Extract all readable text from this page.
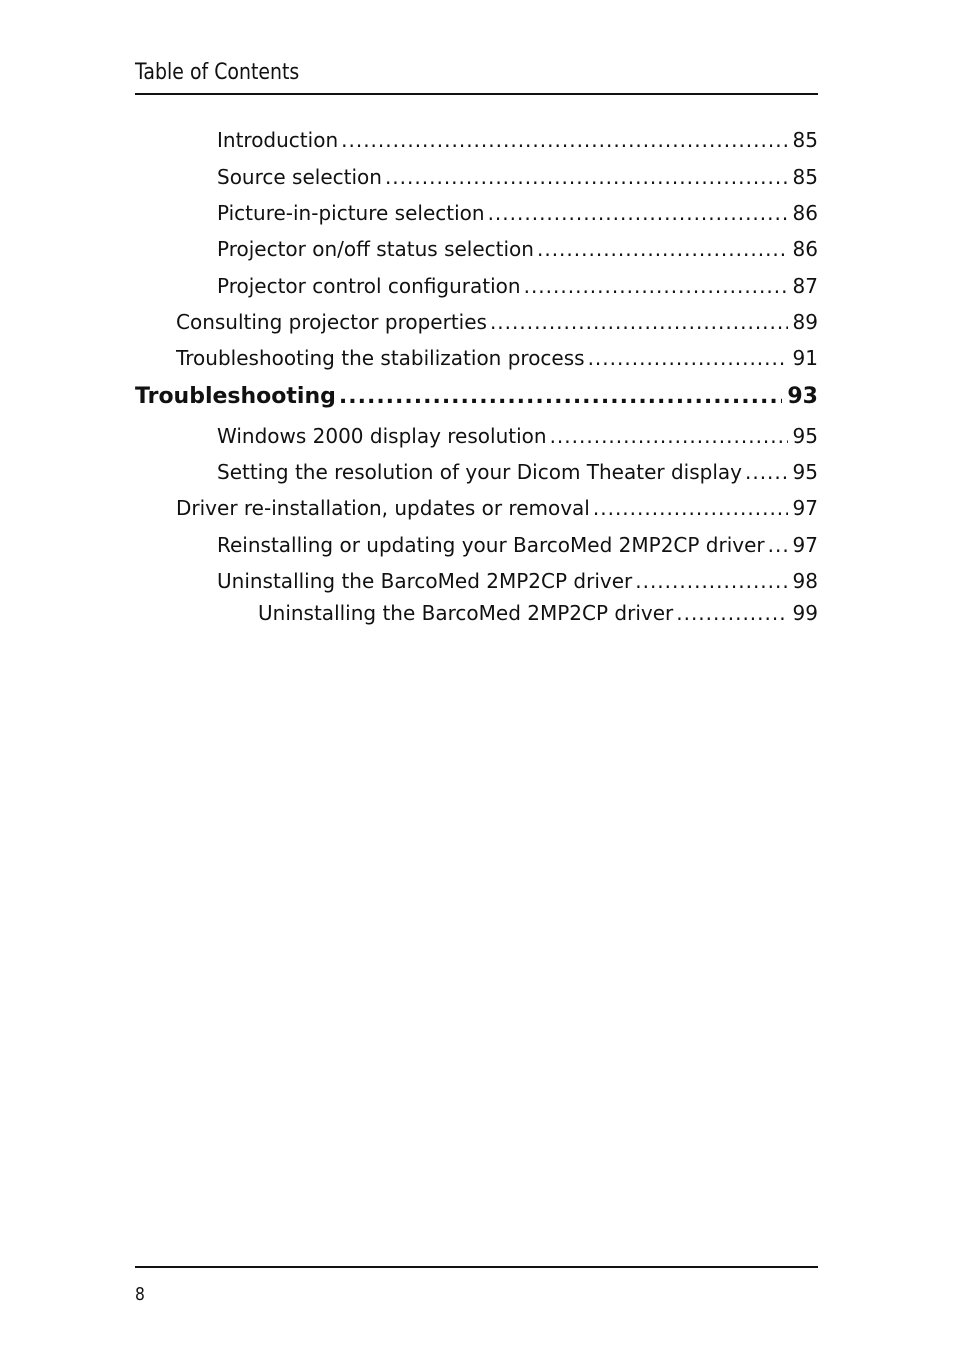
Table of Contents
Introduction .....	85
Source selection .....	85
Picture-in-picture selection .....	86
Projector on/off status selection .....	86
Projector control configuration .....	87
Consulting projector properties .....	89
Troubleshooting the stabilization process .....	91
Troubleshooting .....	93
Windows 2000 display resolution .....	95
Setting the resolution of your Dicom Theater display .....	95
Driver re-installation, updates or removal .....	97
Reinstalling or updating your BarcoMed 2MP2CP driver ..... 97
Uninstalling the BarcoMed 2MP2CP driver .....	98
Uninstalling the BarcoMed 2MP2CP driver .....	99
8
